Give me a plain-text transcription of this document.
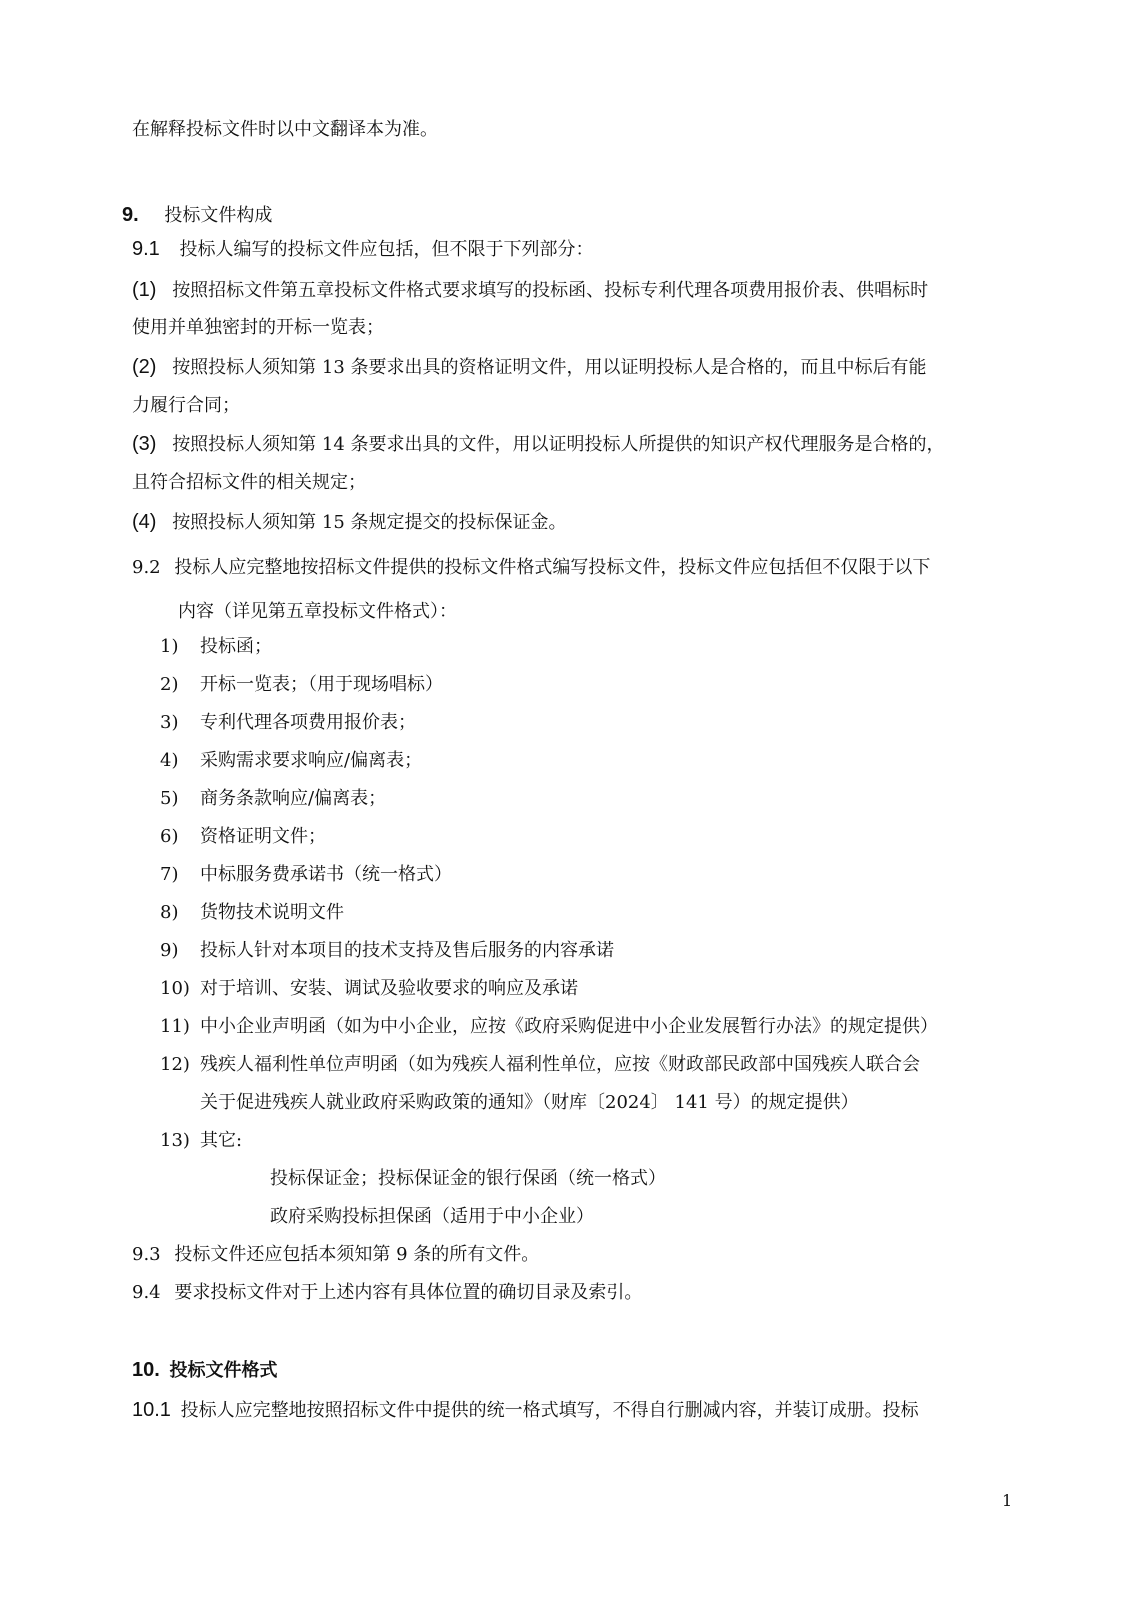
在解释投标文件时以中文翻译本为准。
9. 投标文件构成
9.1 投标人编写的投标文件应包括，但不限于下列部分：
(1) 按照招标文件第五章投标文件格式要求填写的投标函、投标专利代理各项费用报价表、供唱标时
使用并单独密封的开标一览表；
(2) 按照投标人须知第 13 条要求出具的资格证明文件，用以证明投标人是合格的，而且中标后有能
力履行合同；
(3) 按照投标人须知第 14 条要求出具的文件，用以证明投标人所提供的知识产权代理服务是合格的，
且符合招标文件的相关规定；
(4) 按照投标人须知第 15 条规定提交的投标保证金。
9.2 投标人应完整地按招标文件提供的投标文件格式编写投标文件，投标文件应包括但不仅限于以下
内容（详见第五章投标文件格式）：
1) 投标函；
2) 开标一览表；（用于现场唱标）
3) 专利代理各项费用报价表；
4) 采购需求要求响应/偏离表；
5) 商务条款响应/偏离表；
6) 资格证明文件；
7) 中标服务费承诺书（统一格式）
8) 货物技术说明文件
9) 投标人针对本项目的技术支持及售后服务的内容承诺
10) 对于培训、安装、调试及验收要求的响应及承诺
11) 中小企业声明函（如为中小企业，应按《政府采购促进中小企业发展暂行办法》的规定提供）
12) 残疾人福利性单位声明函（如为残疾人福利性单位，应按《财政部民政部中国残疾人联合会
关于促进残疾人就业政府采购政策的通知》（财库〔2024〕 141 号）的规定提供）
13) 其它:
投标保证金；投标保证金的银行保函（统一格式）
政府采购投标担保函（适用于中小企业）
9.3 投标文件还应包括本须知第 9 条的所有文件。
9.4 要求投标文件对于上述内容有具体位置的确切目录及索引。
10. 投标文件格式
10.1 投标人应完整地按照招标文件中提供的统一格式填写，不得自行删减内容，并装订成册。投标
1
